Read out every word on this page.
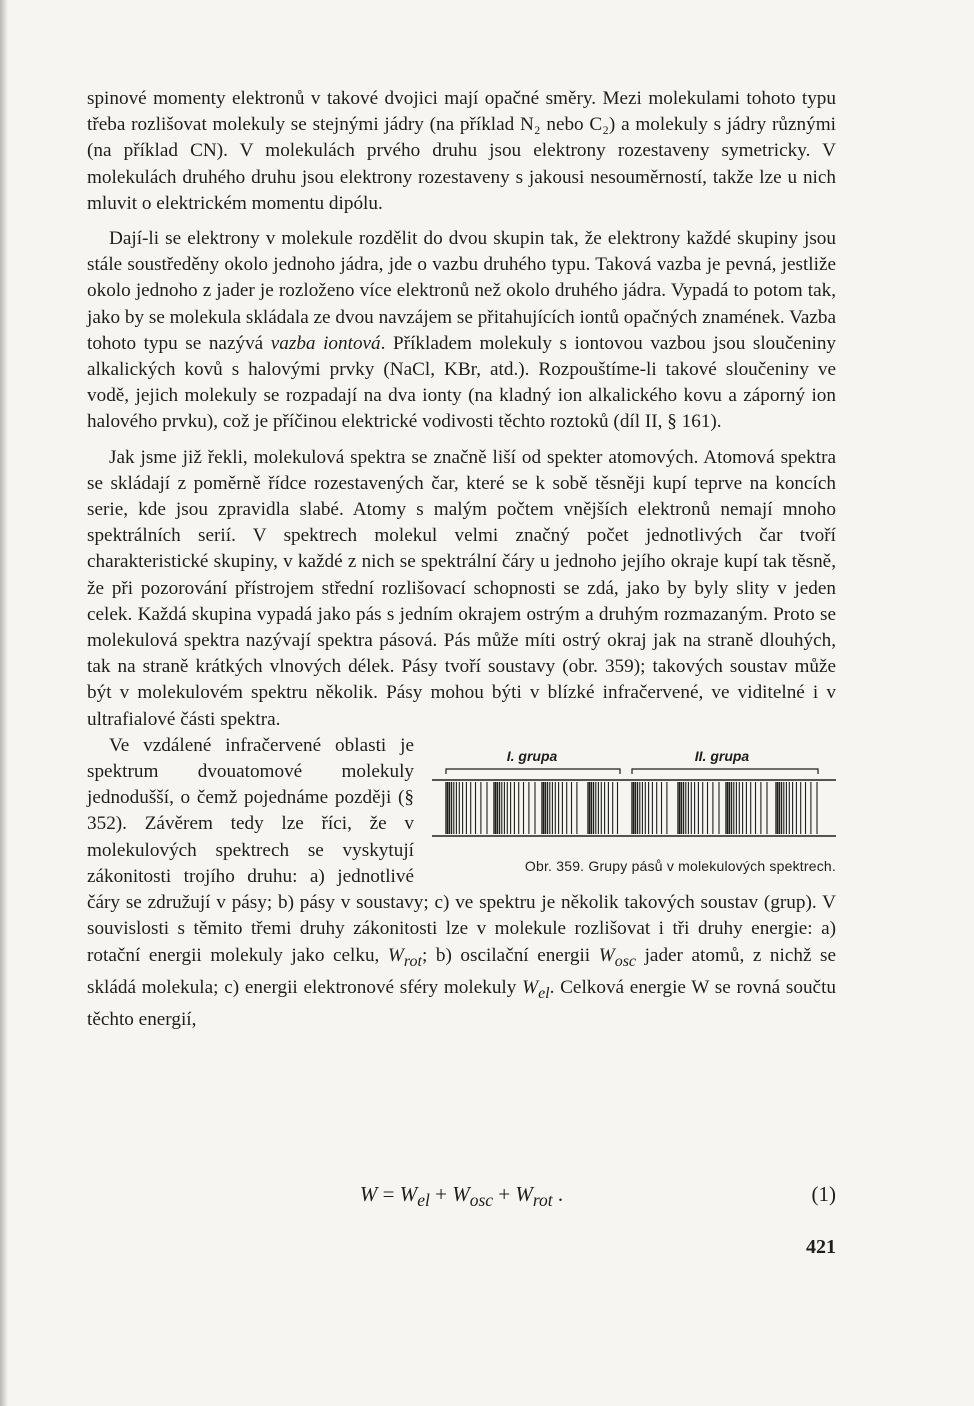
spinové momenty elektronů v takové dvojici mají opačné směry. Mezi molekulami tohoto typu třeba rozlišovat molekuly se stejnými jádry (na příklad N₂ nebo C₂) a molekuly s jádry různými (na příklad CN). V molekulách prvého druhu jsou elektrony rozestaveny symetricky. V molekulách druhého druhu jsou elektrony rozestaveny s jakousi nesouměrností, takže lze u nich mluvit o elektrickém momentu dipólu.

Dají-li se elektrony v molekule rozdělit do dvou skupin tak, že elektrony každé skupiny jsou stále soustředěny okolo jednoho jádra, jde o vazbu druhého typu. Taková vazba je pevná, jestliže okolo jednoho z jader je rozloženo více elektronů než okolo druhého jádra. Vypadá to potom tak, jako by se molekula skládala ze dvou navzájem se přitahujících iontů opačných znamének. Vazba tohoto typu se nazývá vazba iontová. Příkladem molekuly s iontovou vazbou jsou sloučeniny alkalických kovů s halovými prvky (NaCl, KBr, atd.). Rozpouštíme-li takové sloučeniny ve vodě, jejich molekuly se rozpadají na dva ionty (na kladný ion alkalického kovu a záporný ion halového prvku), což je příčinou elektrické vodivosti těchto roztoků (díl II, § 161).

Jak jsme již řekli, molekulová spektra se značně liší od spekter atomových. Atomová spektra se skládají z poměrně řídce rozestavených čar, které se k sobě těsněji kupí teprve na koncích serie, kde jsou zpravidla slabé. Atomy s malým počtem vnějších elektronů nemají mnoho spektrálních serií. V spektrech molekul velmi značný počet jednotlivých čar tvoří charakteristické skupiny, v každé z nich se spektrální čáry u jednoho jejího okraje kupí tak těsně, že při pozorování přístrojem střední rozlišovací schopnosti se zdá, jako by byly slity v jeden celek. Každá skupina vypadá jako pás s jedním okrajem ostrým a druhým rozmazaným. Proto se molekulová spektra nazývají spektra pásová. Pás může míti ostrý okraj jak na straně dlouhých, tak na straně krátkých vlnových délek. Pásy tvoří soustavy (obr. 359); takových soustav může být v molekulovém spektru několik. Pásy mohou býti v blízké infračervené, ve viditelné i v ultrafialové části spektra.

I. grupa	II. grupa
Obr. 359. Grupy pásů v molekulových spektrech.

Ve vzdálené infračervené oblasti je spektrum dvouatomové molekuly jednodušší, o čemž pojednáme později (§ 352). Závěrem tedy lze říci, že v molekulových spektrech se vyskytují zákonitosti trojího druhu: a) jednotlivé čáry se združují v pásy; b) pásy v soustavy; c) ve spektru je několik takových soustav (grup). V souvislosti s těmito třemi druhy zákonitosti lze v molekule rozlišovat i tři druhy energie: a) rotační energii molekuly jako celku, $W_{rot}$; b) oscilační energii $W_{osc}$ jader atomů, z nichž se skládá molekula; c) energii elektronové sféry molekuly $W_{el}$. Celková energie W se rovná součtu těchto energií,

$W = W_{el} + W_{osc} + W_{rot}$ .	(1)
421
